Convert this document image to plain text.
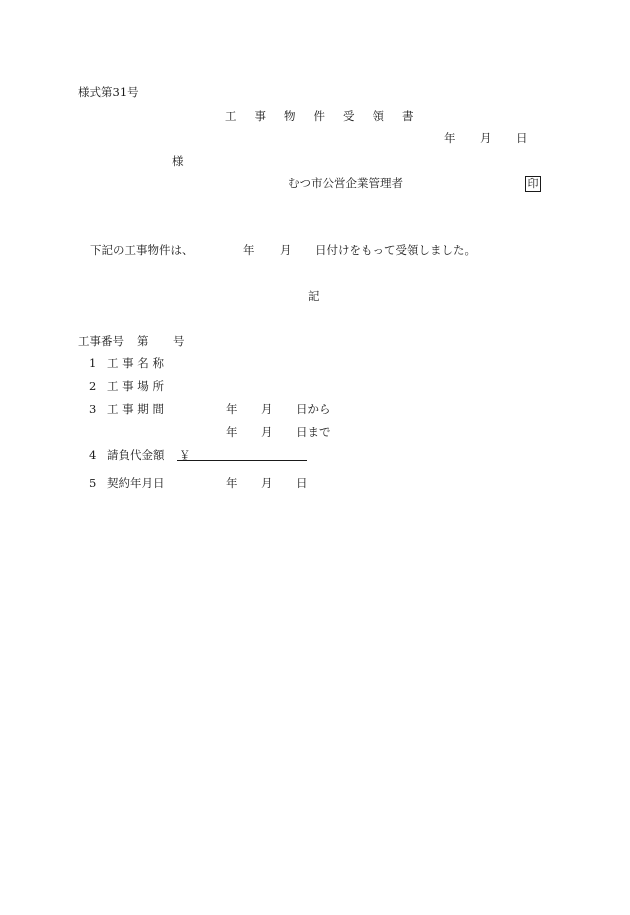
様式第31号
工 事 物 件 受 領 書
年 月 日
様
むつ市公営企業管理者	印
下記の工事物件は、	年 月 日付けをもって受領しました。
記
工事番号 第 号
1 工 事 名 称
2 工 事 場 所
3 工 事 期 間	年 月 日から
年 月 日まで
4 請負代金額 ￥
5 契約年月日	年 月 日
